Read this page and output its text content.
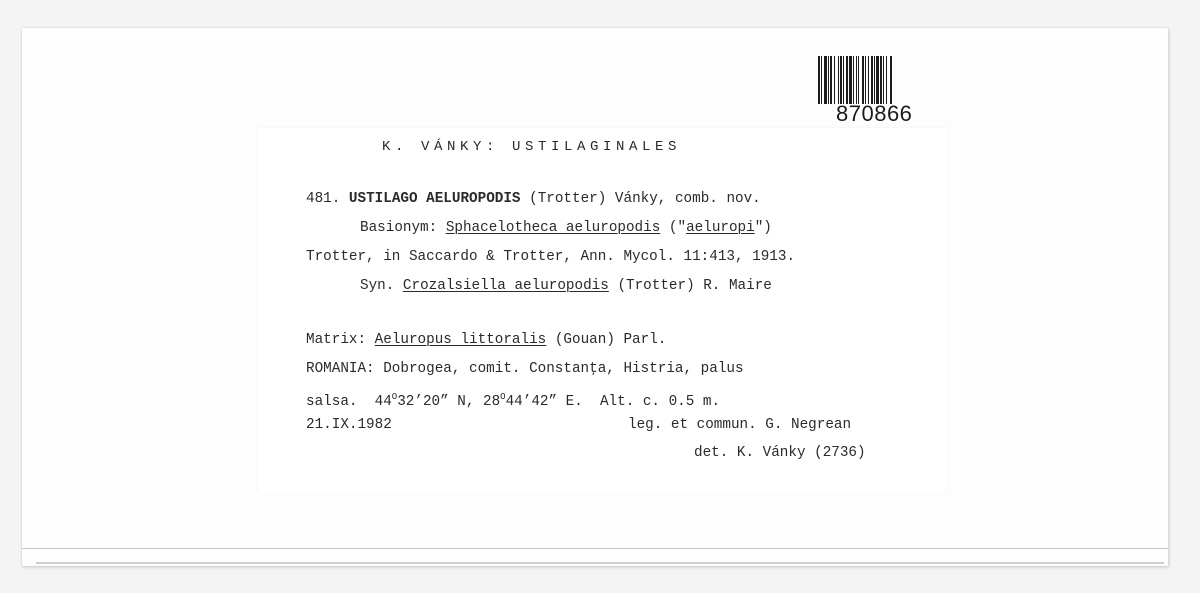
870866
K. VÁNKY: USTILAGINALES
481. USTILAGO AELUROPODIS (Trotter) Vánky, comb. nov.
Basionym: Sphacelotheca aeluropodis ("aeluropi")
Trotter, in Saccardo & Trotter, Ann. Mycol. 11:413, 1913.
Syn. Crozalsiella aeluropodis (Trotter) R. Maire
Matrix: Aeluropus littoralis (Gouan) Parl.
ROMANIA: Dobrogea, comit. Constanţa, Histria, palus
salsa.  $44^O32’20$” N, $28^O44’42$” E.  Alt. c. 0.5 m.
21.IX.1982	leg. et commun. G. Negrean
det. K. Vánky (2736)
